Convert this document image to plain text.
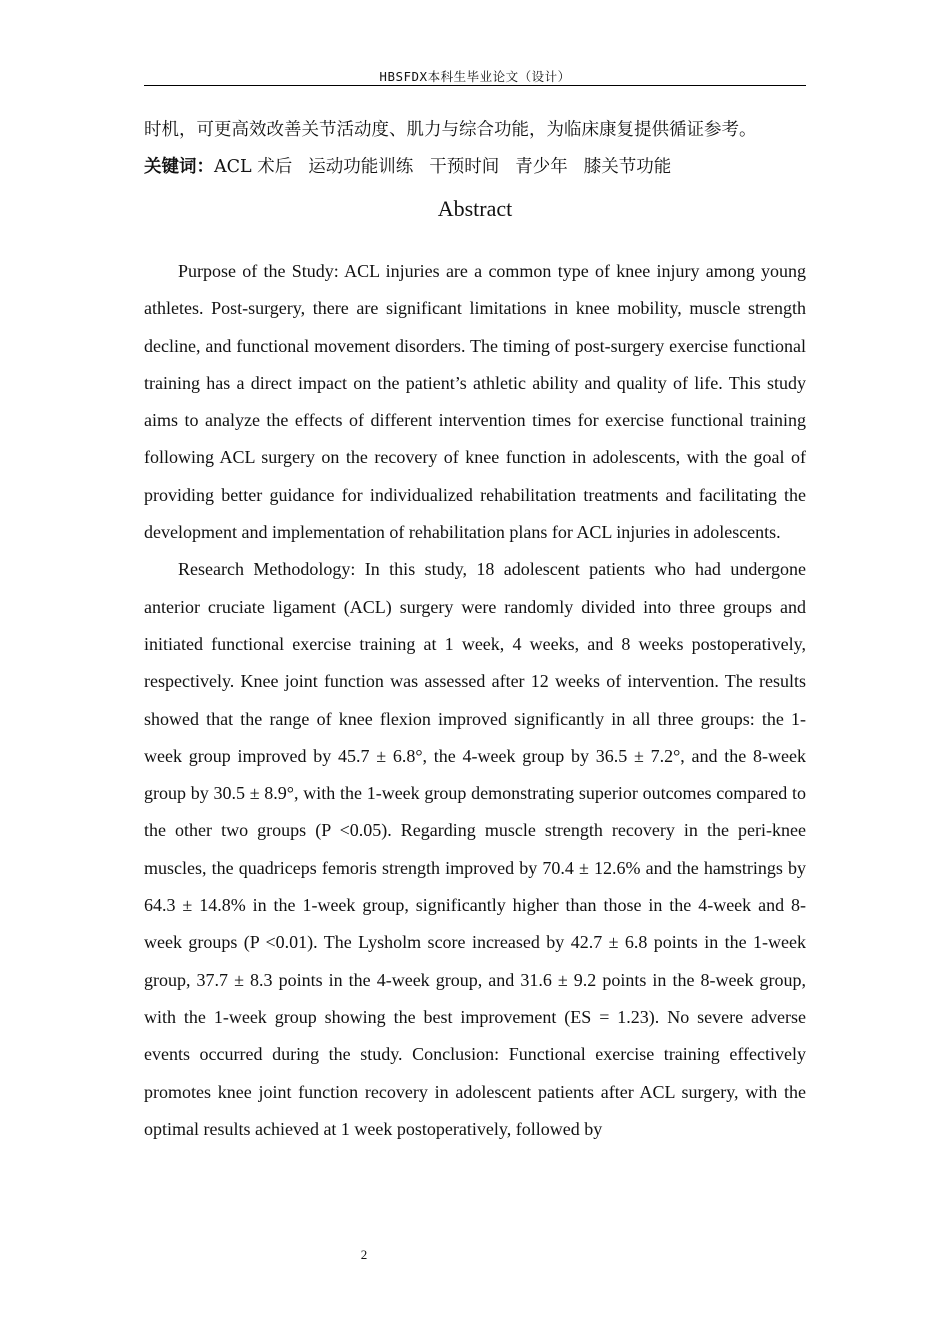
HBSFDX本科生毕业论文（设计）

时机，可更高效改善关节活动度、肌力与综合功能，为临床康复提供循证参考。

关键词：ACL 术后 运动功能训练 干预时间 青少年 膝关节功能

Abstract

Purpose of the Study: ACL injuries are a common type of knee injury among young athletes. Post-surgery, there are significant limitations in knee mobility, muscle strength decline, and functional movement disorders. The timing of post-surgery exercise functional training has a direct impact on the patient’s athletic ability and quality of life. This study aims to analyze the effects of different intervention times for exercise functional training following ACL surgery on the recovery of knee function in adolescents, with the goal of providing better guidance for individualized rehabilitation treatments and facilitating the development and implementation of rehabilitation plans for ACL injuries in adolescents.

Research Methodology: In this study, 18 adolescent patients who had undergone anterior cruciate ligament (ACL) surgery were randomly divided into three groups and initiated functional exercise training at 1 week, 4 weeks, and 8 weeks postoperatively, respectively. Knee joint function was assessed after 12 weeks of intervention. The results showed that the range of knee flexion improved significantly in all three groups: the 1-week group improved by 45.7 ± 6.8°, the 4-week group by 36.5 ± 7.2°, and the 8-week group by 30.5 ± 8.9°, with the 1-week group demonstrating superior outcomes compared to the other two groups (P <0.05). Regarding muscle strength recovery in the peri-knee muscles, the quadriceps femoris strength improved by 70.4 ± 12.6% and the hamstrings by 64.3 ± 14.8% in the 1-week group, significantly higher than those in the 4-week and 8-week groups (P <0.01). The Lysholm score increased by 42.7 ± 6.8 points in the 1-week group, 37.7 ± 8.3 points in the 4-week group, and 31.6 ± 9.2 points in the 8-week group, with the 1-week group showing the best improvement (ES = 1.23). No severe adverse events occurred during the study. Conclusion: Functional exercise training effectively promotes knee joint function recovery in adolescent patients after ACL surgery, with the optimal results achieved at 1 week postoperatively, followed by

2
